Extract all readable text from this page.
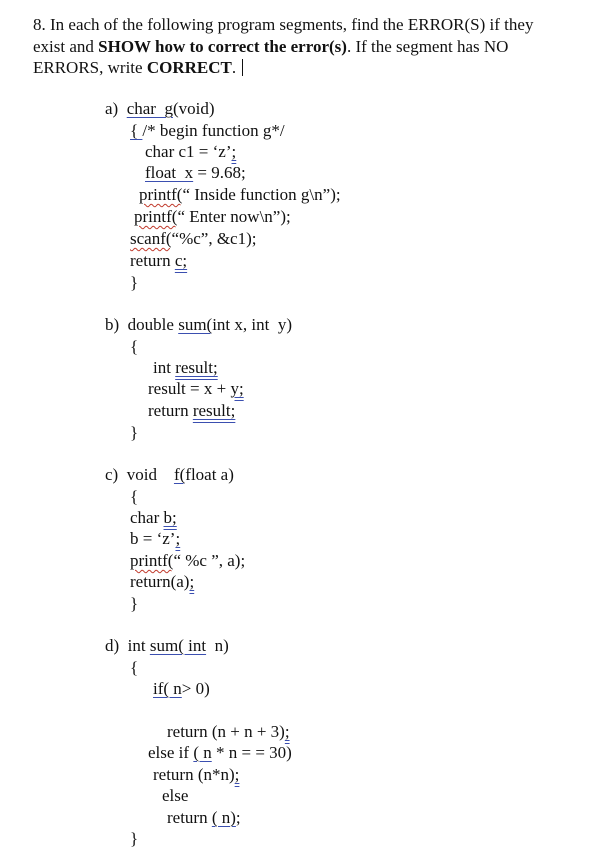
8. In each of the following program segments, find the ERROR(S) if they
exist and SHOW how to correct the error(s). If the segment has NO
ERRORS, write CORRECT.
a) char  g(void)
{ /* begin function g*/
char c1 = ‘z’;
float  x = 9.68;
printf(“ Inside function g\n”);
printf(“ Enter now\n”);
scanf(“%c”, &c1);
return c;
}
b) double sum(int x, int  y)
{
int result;
result = x + y;
return result;
}
c) void    f(float a)
{
char b;
b = ‘z’;
printf(“ %c ”, a);
return(a);
}
d) int sum( int  n)
{
if( n> 0)
return (n + n + 3);
else if ( n * n = = 30)
return (n*n);
else
return ( n);
}
